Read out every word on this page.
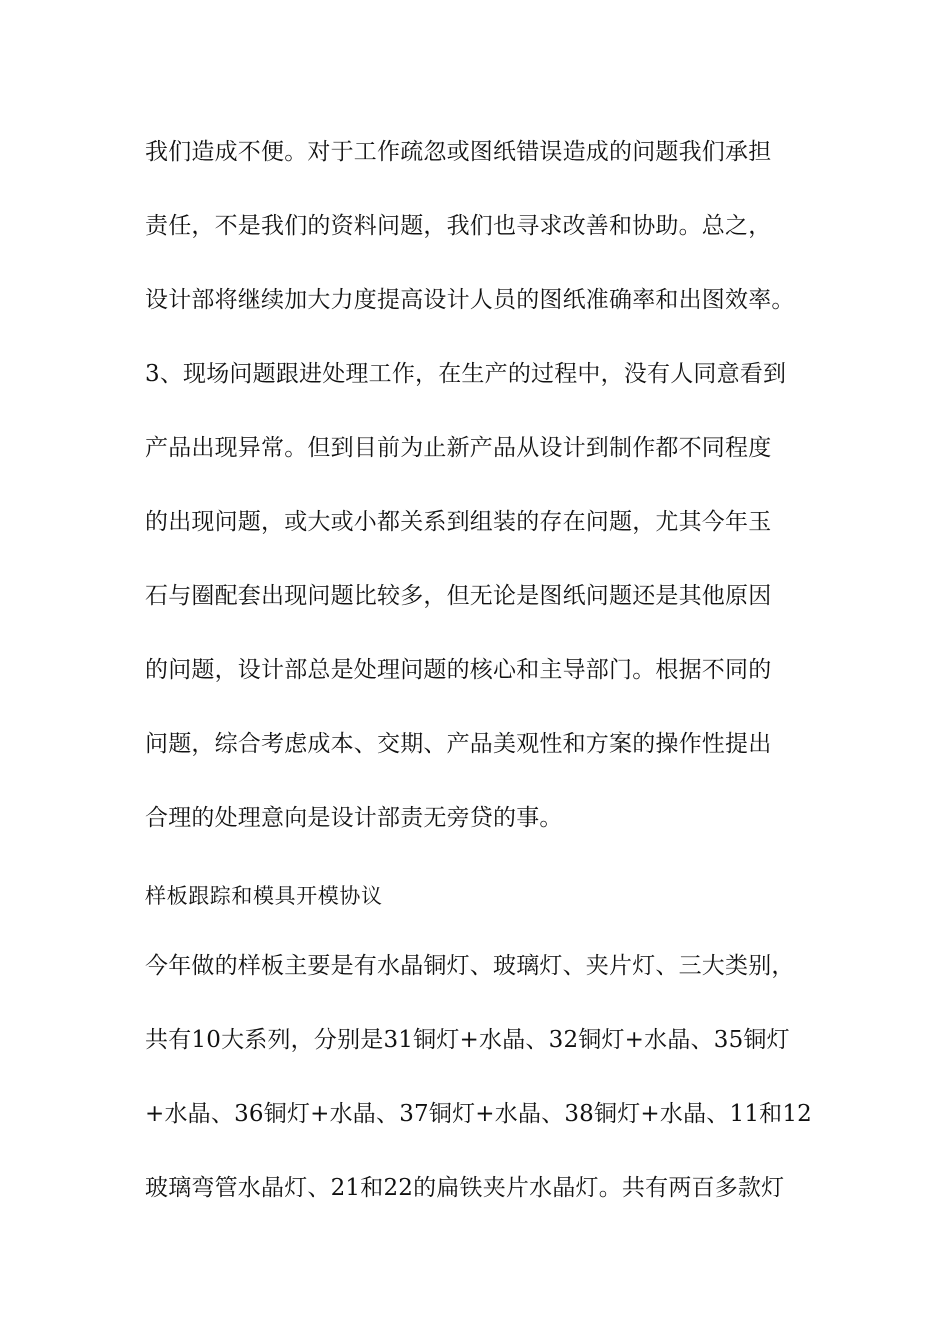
我们造成不便。对于工作疏忽或图纸错误造成的问题我们承担
责任，不是我们的资料问题，我们也寻求改善和协助。总之，
设计部将继续加大力度提高设计人员的图纸准确率和出图效率。
3、现场问题跟进处理工作，在生产的过程中，没有人同意看到
产品出现异常。但到目前为止新产品从设计到制作都不同程度
的出现问题，或大或小都关系到组装的存在问题，尤其今年玉
石与圈配套出现问题比较多，但无论是图纸问题还是其他原因
的问题，设计部总是处理问题的核心和主导部门。根据不同的
问题，综合考虑成本、交期、产品美观性和方案的操作性提出
合理的处理意向是设计部责无旁贷的事。
样板跟踪和模具开模协议
今年做的样板主要是有水晶铜灯、玻璃灯、夹片灯、三大类别，
共有10大系列，分别是31铜灯+水晶、32铜灯+水晶、35铜灯
+水晶、36铜灯+水晶、37铜灯+水晶、38铜灯+水晶、11和12
玻璃弯管水晶灯、21和22的扁铁夹片水晶灯。共有两百多款灯
